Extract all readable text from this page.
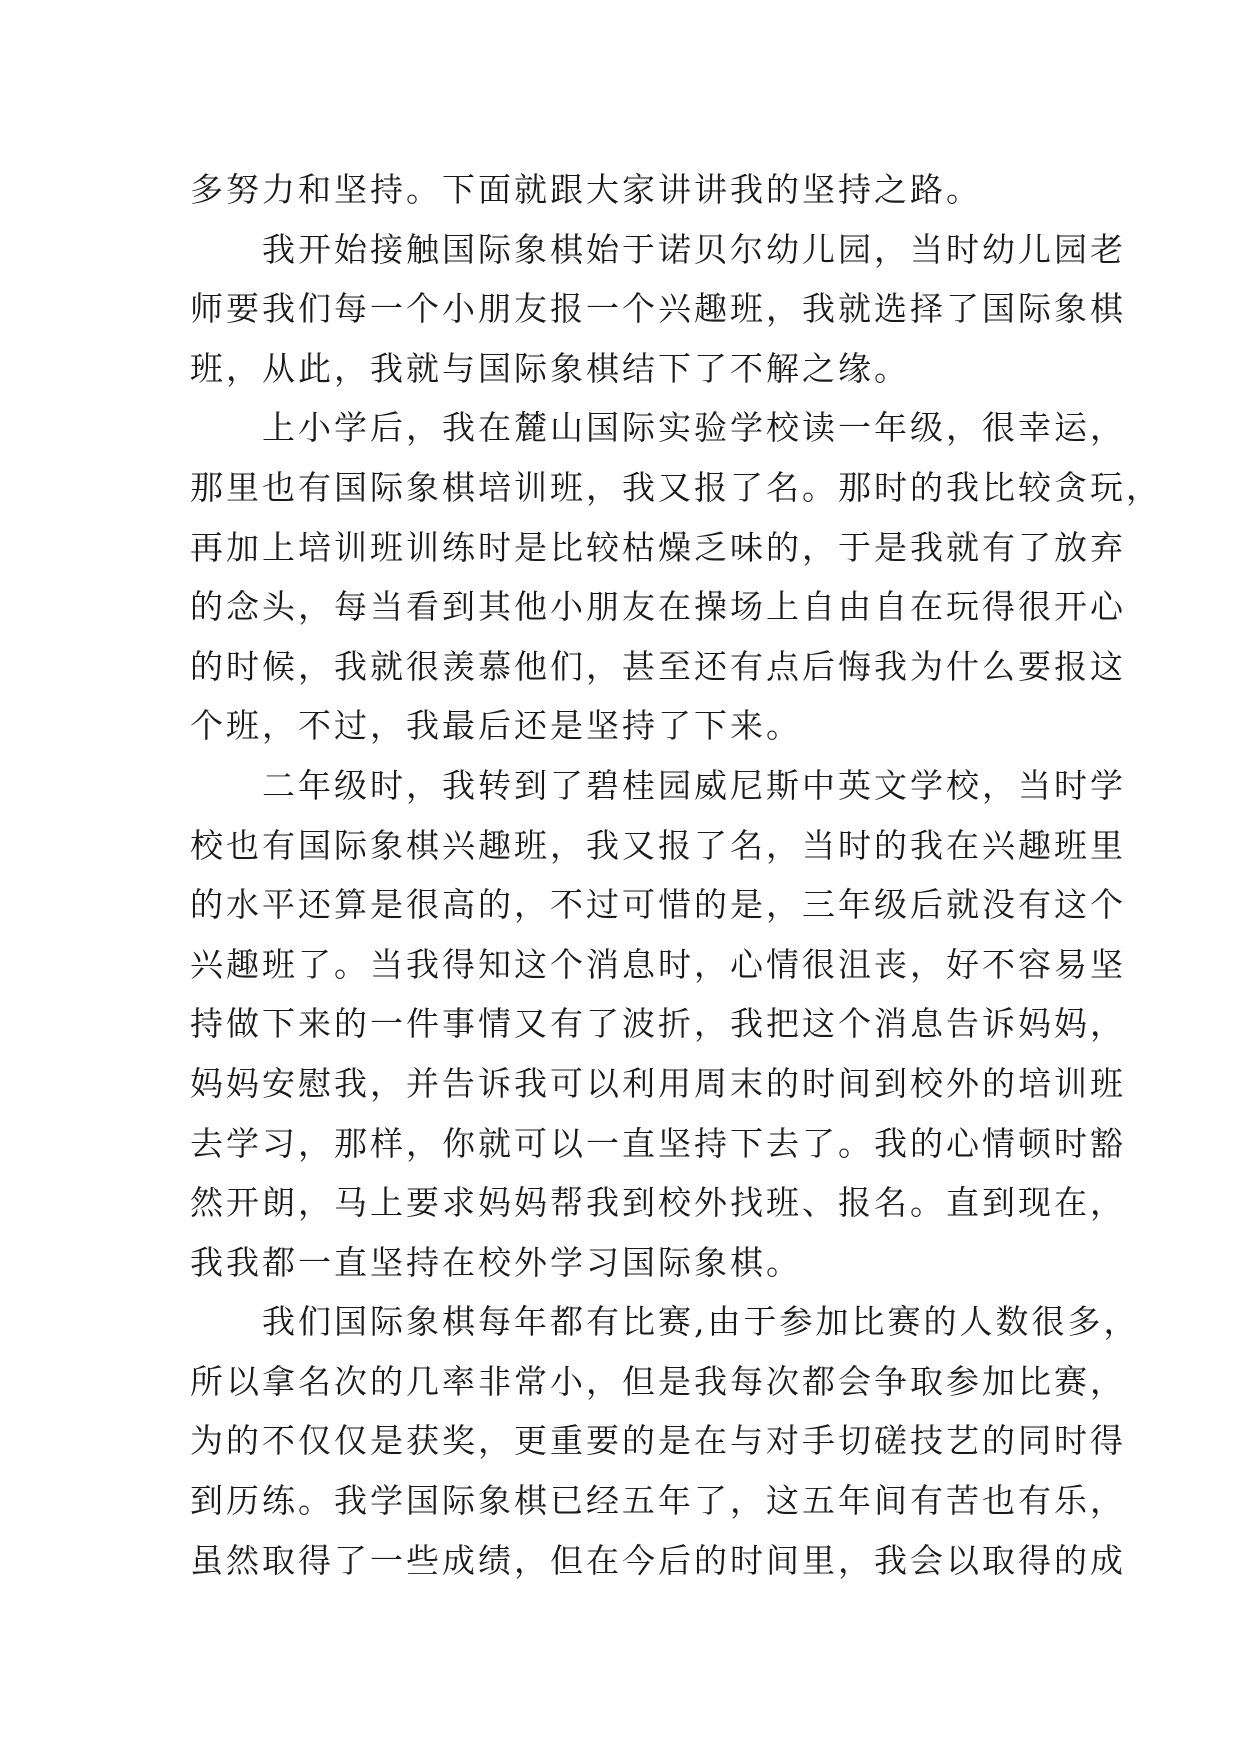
多努力和坚持。下面就跟大家讲讲我的坚持之路。
我开始接触国际象棋始于诺贝尔幼儿园，当时幼儿园老
师要我们每一个小朋友报一个兴趣班，我就选择了国际象棋
班，从此，我就与国际象棋结下了不解之缘。
上小学后，我在麓山国际实验学校读一年级，很幸运，
那里也有国际象棋培训班，我又报了名。那时的我比较贪玩，
再加上培训班训练时是比较枯燥乏味的，于是我就有了放弃
的念头，每当看到其他小朋友在操场上自由自在玩得很开心
的时候，我就很羡慕他们，甚至还有点后悔我为什么要报这
个班，不过，我最后还是坚持了下来。
二年级时，我转到了碧桂园威尼斯中英文学校，当时学
校也有国际象棋兴趣班，我又报了名，当时的我在兴趣班里
的水平还算是很高的，不过可惜的是，三年级后就没有这个
兴趣班了。当我得知这个消息时，心情很沮丧，好不容易坚
持做下来的一件事情又有了波折，我把这个消息告诉妈妈，
妈妈安慰我，并告诉我可以利用周末的时间到校外的培训班
去学习，那样，你就可以一直坚持下去了。我的心情顿时豁
然开朗，马上要求妈妈帮我到校外找班、报名。直到现在，
我我都一直坚持在校外学习国际象棋。
我们国际象棋每年都有比赛,由于参加比赛的人数很多，
所以拿名次的几率非常小，但是我每次都会争取参加比赛，
为的不仅仅是获奖，更重要的是在与对手切磋技艺的同时得
到历练。我学国际象棋已经五年了，这五年间有苦也有乐，
虽然取得了一些成绩，但在今后的时间里，我会以取得的成
